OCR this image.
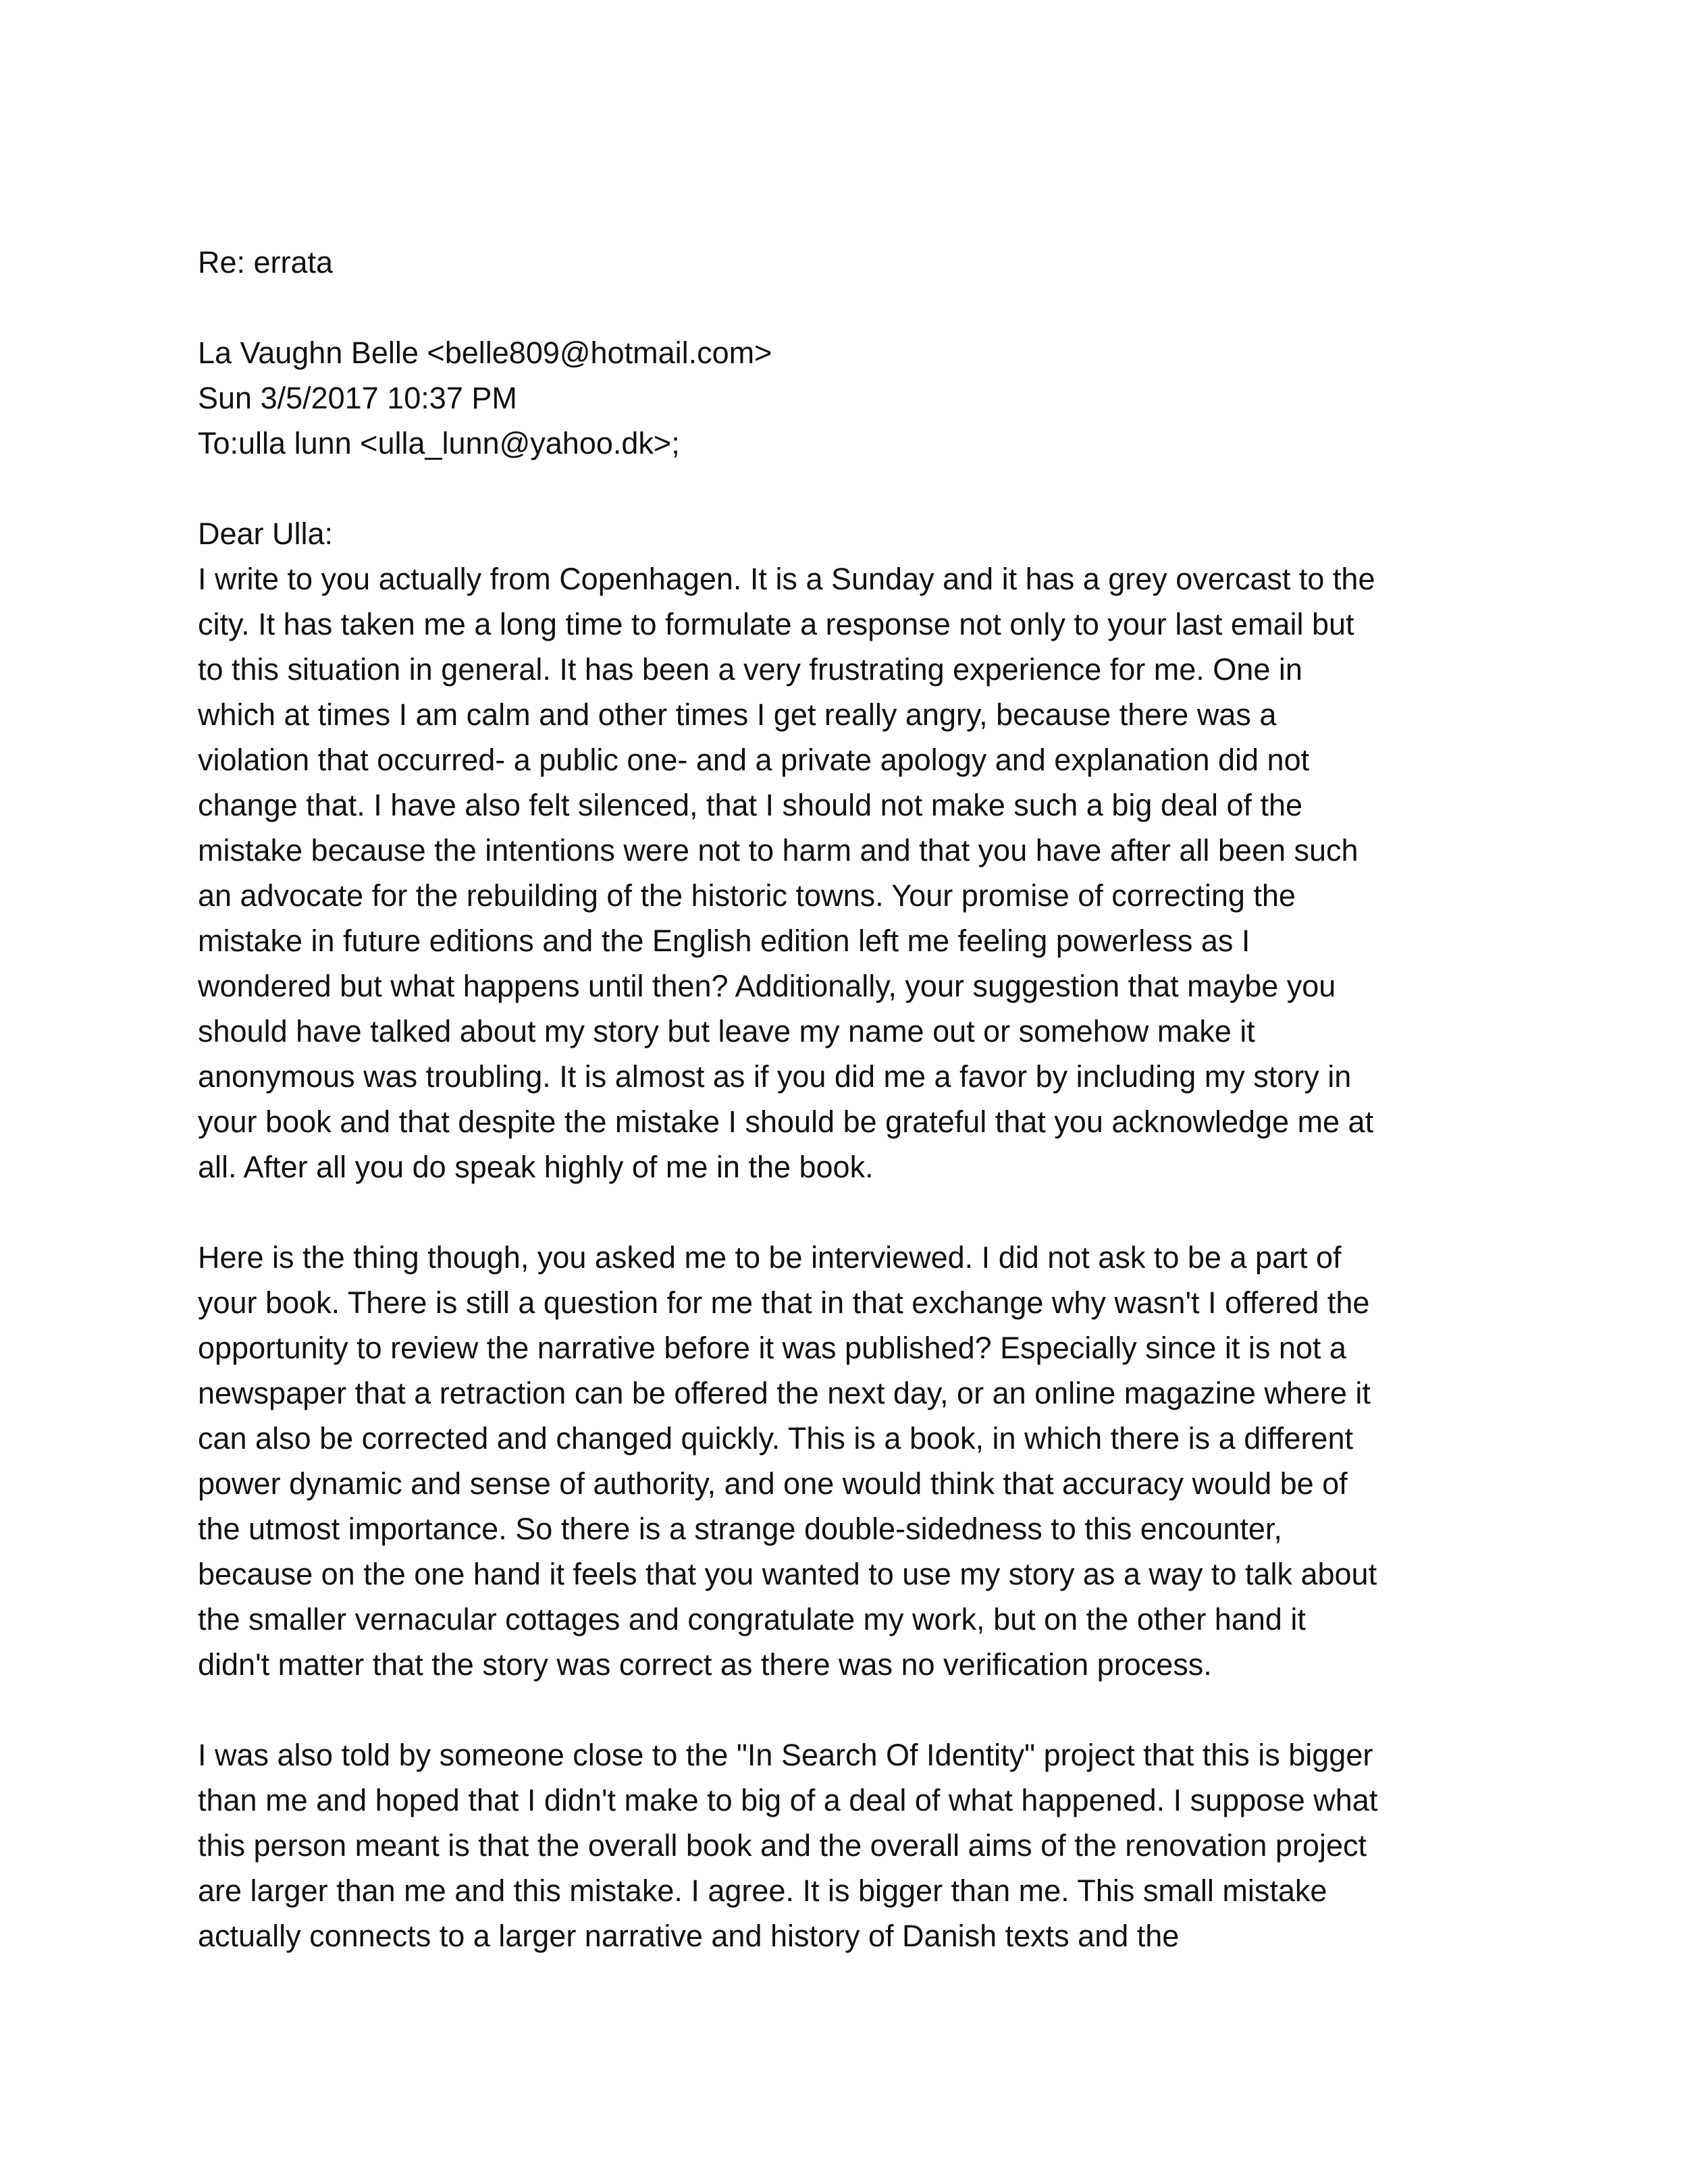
Re: errata
La Vaughn Belle <belle809@hotmail.com>
Sun 3/5/2017 10:37 PM
To:ulla lunn <ulla_lunn@yahoo.dk>;
Dear Ulla:
I write to you actually from Copenhagen. It is a Sunday and it has a grey overcast to the
city. It has taken me a long time to formulate a response not only to your last email but
to this situation in general. It has been a very frustrating experience for me. One in
which at times I am calm and other times I get really angry, because there was a
violation that occurred- a public one- and a private apology and explanation did not
change that. I have also felt silenced, that I should not make such a big deal of the
mistake because the intentions were not to harm and that you have after all been such
an advocate for the rebuilding of the historic towns. Your promise of correcting the
mistake in future editions and the English edition left me feeling powerless as I
wondered but what happens until then? Additionally, your suggestion that maybe you
should have talked about my story but leave my name out or somehow make it
anonymous was troubling. It is almost as if you did me a favor by including my story in
your book and that despite the mistake I should be grateful that you acknowledge me at
all. After all you do speak highly of me in the book.
Here is the thing though, you asked me to be interviewed. I did not ask to be a part of
your book. There is still a question for me that in that exchange why wasn't I offered the
opportunity to review the narrative before it was published? Especially since it is not a
newspaper that a retraction can be offered the next day, or an online magazine where it
can also be corrected and changed quickly. This is a book, in which there is a different
power dynamic and sense of authority, and one would think that accuracy would be of
the utmost importance. So there is a strange double-sidedness to this encounter,
because on the one hand it feels that you wanted to use my story as a way to talk about
the smaller vernacular cottages and congratulate my work, but on the other hand it
didn't matter that the story was correct as there was no verification process.
I was also told by someone close to the "In Search Of Identity" project that this is bigger
than me and hoped that I didn't make to big of a deal of what happened. I suppose what
this person meant is that the overall book and the overall aims of the renovation project
are larger than me and this mistake. I agree. It is bigger than me. This small mistake
actually connects to a larger narrative and history of Danish texts and the
